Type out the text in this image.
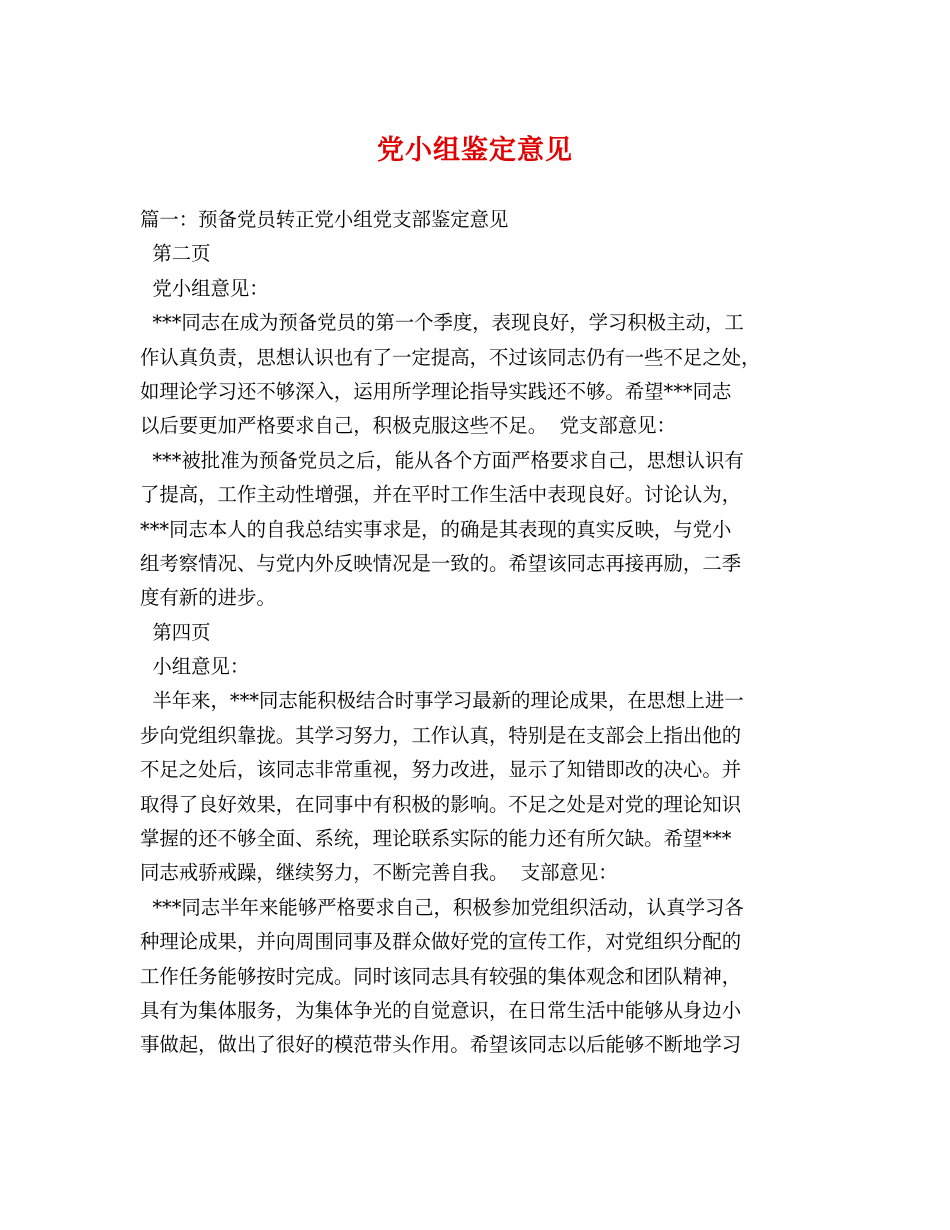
党小组鉴定意见
篇一：预备党员转正党小组党支部鉴定意见
第二页
党小组意见：
***同志在成为预备党员的第一个季度，表现良好，学习积极主动，工
作认真负责，思想认识也有了一定提高，不过该同志仍有一些不足之处，
如理论学习还不够深入，运用所学理论指导实践还不够。希望***同志
以后要更加严格要求自己，积极克服这些不足。  党支部意见：
***被批准为预备党员之后，能从各个方面严格要求自己，思想认识有
了提高，工作主动性增强，并在平时工作生活中表现良好。讨论认为，
***同志本人的自我总结实事求是，的确是其表现的真实反映，与党小
组考察情况、与党内外反映情况是一致的。希望该同志再接再励，二季
度有新的进步。
第四页
小组意见：
半年来，***同志能积极结合时事学习最新的理论成果，在思想上进一
步向党组织靠拢。其学习努力，工作认真，特别是在支部会上指出他的
不足之处后，该同志非常重视，努力改进，显示了知错即改的决心。并
取得了良好效果，在同事中有积极的影响。不足之处是对党的理论知识
掌握的还不够全面、系统，理论联系实际的能力还有所欠缺。希望***
同志戒骄戒躁，继续努力，不断完善自我。  支部意见：
***同志半年来能够严格要求自己，积极参加党组织活动，认真学习各
种理论成果，并向周围同事及群众做好党的宣传工作，对党组织分配的
工作任务能够按时完成。同时该同志具有较强的集体观念和团队精神，
具有为集体服务，为集体争光的自觉意识，在日常生活中能够从身边小
事做起，做出了很好的模范带头作用。希望该同志以后能够不断地学习
